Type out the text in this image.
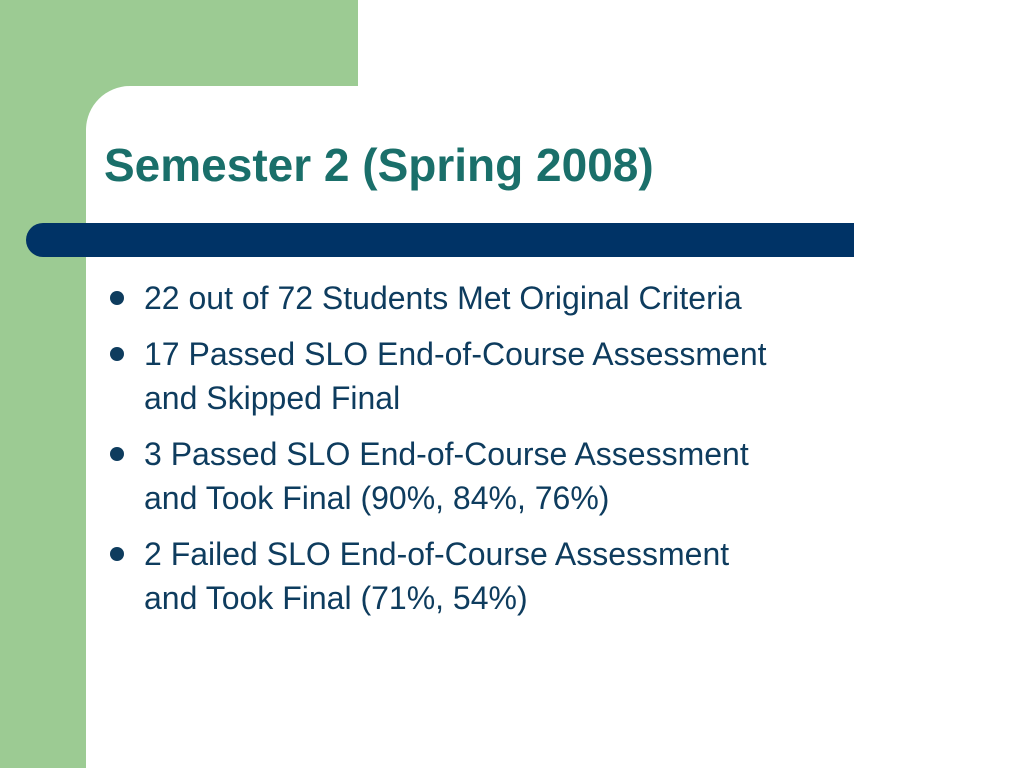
Semester 2 (Spring 2008)
22 out of 72 Students Met Original Criteria
17 Passed SLO End-of-Course Assessment
and Skipped Final
3 Passed SLO End-of-Course Assessment
and Took Final (90%, 84%, 76%)
2 Failed SLO End-of-Course Assessment
and Took Final (71%, 54%)
